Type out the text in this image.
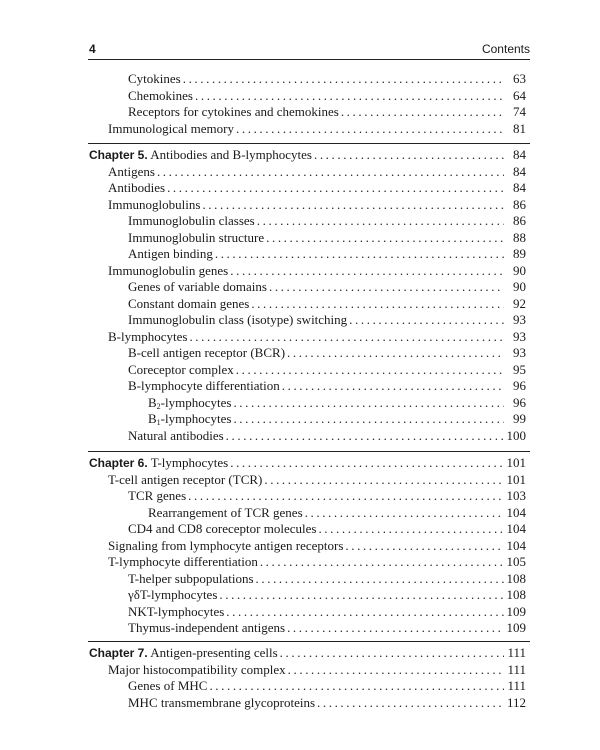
4	Contents
Cytokines .....	63
Chemokines .....	64
Receptors for cytokines and chemokines .....	74
Immunological memory .....	81
Chapter 5. Antibodies and B-lymphocytes .....	84
Antigens .....	84
Antibodies .....	84
Immunoglobulins .....	86
Immunoglobulin classes .....	86
Immunoglobulin structure .....	88
Antigen binding .....	89
Immunoglobulin genes .....	90
Genes of variable domains .....	90
Constant domain genes .....	92
Immunoglobulin class (isotype) switching .....	93
B-lymphocytes .....	93
B-cell antigen receptor (BCR) .....	93
Coreceptor complex .....	95
B-lymphocyte differentiation .....	96
$B_2$-lymphocytes .....	96
$B_1$-lymphocytes .....	99
Natural antibodies .....	100
Chapter 6. T-lymphocytes .....	101
T-cell antigen receptor (TCR) .....	101
TCR genes .....	103
Rearrangement of TCR genes .....	104
CD4 and CD8 coreceptor molecules .....	104
Signaling from lymphocyte antigen receptors .....	104
T-lymphocyte differentiation .....	105
T-helper subpopulations .....	108
γδT-lymphocytes .....	108
NKT-lymphocytes .....	109
Thymus-independent antigens .....	109
Chapter 7. Antigen-presenting cells .....	111
Major histocompatibility complex .....	111
Genes of MHC .....	111
MHC transmembrane glycoproteins .....	112
